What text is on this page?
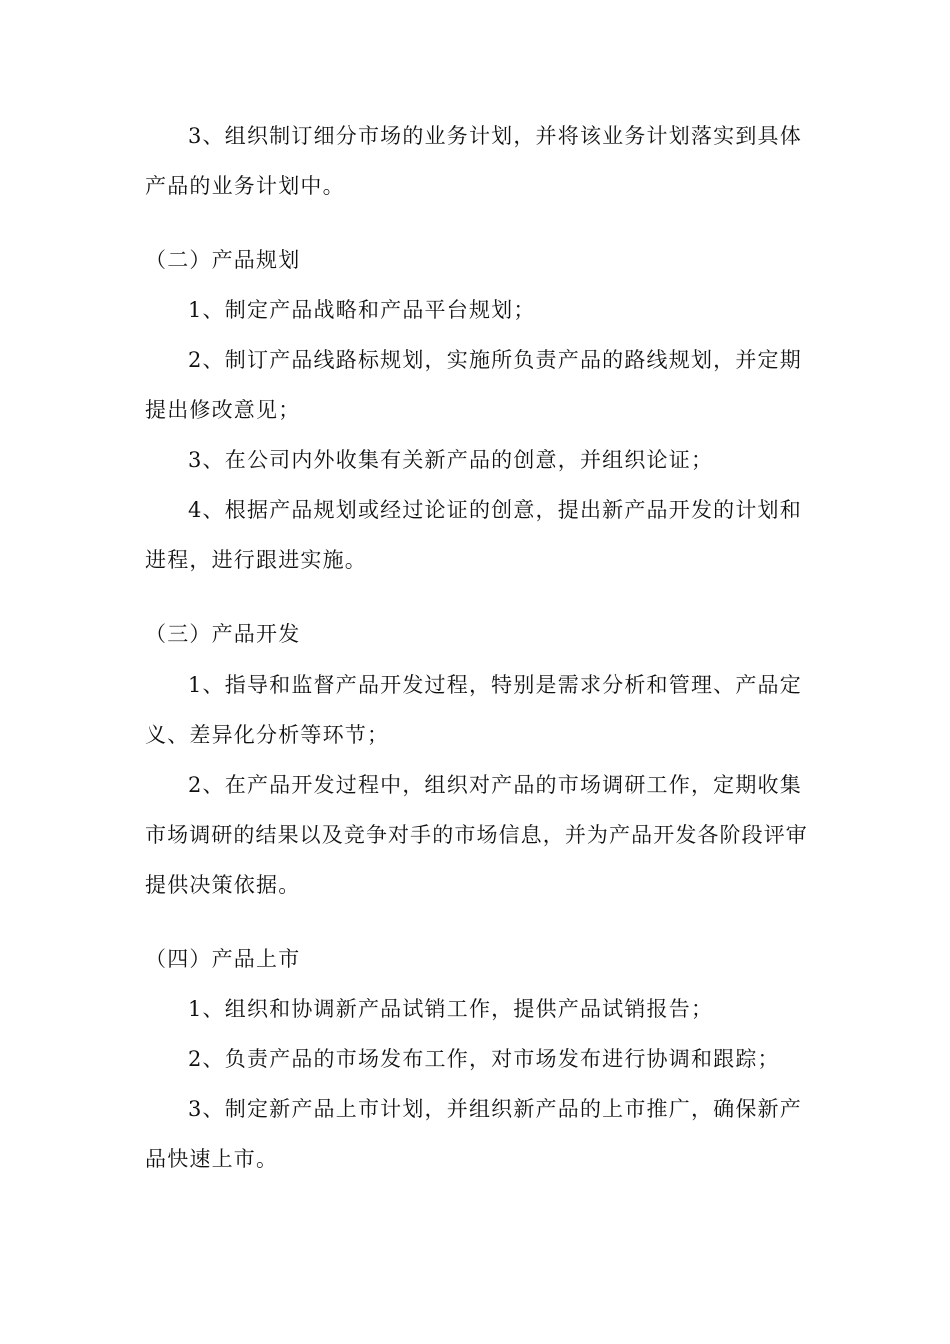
3、组织制订细分市场的业务计划，并将该业务计划落实到具体
产品的业务计划中。
（二）产品规划
1、制定产品战略和产品平台规划；
2、制订产品线路标规划，实施所负责产品的路线规划，并定期
提出修改意见；
3、在公司内外收集有关新产品的创意，并组织论证；
4、根据产品规划或经过论证的创意，提出新产品开发的计划和
进程，进行跟进实施。
（三）产品开发
1、指导和监督产品开发过程，特别是需求分析和管理、产品定
义、差异化分析等环节；
2、在产品开发过程中，组织对产品的市场调研工作，定期收集
市场调研的结果以及竞争对手的市场信息，并为产品开发各阶段评审
提供决策依据。
（四）产品上市
1、组织和协调新产品试销工作，提供产品试销报告；
2、负责产品的市场发布工作，对市场发布进行协调和跟踪；
3、制定新产品上市计划，并组织新产品的上市推广，确保新产
品快速上市。
